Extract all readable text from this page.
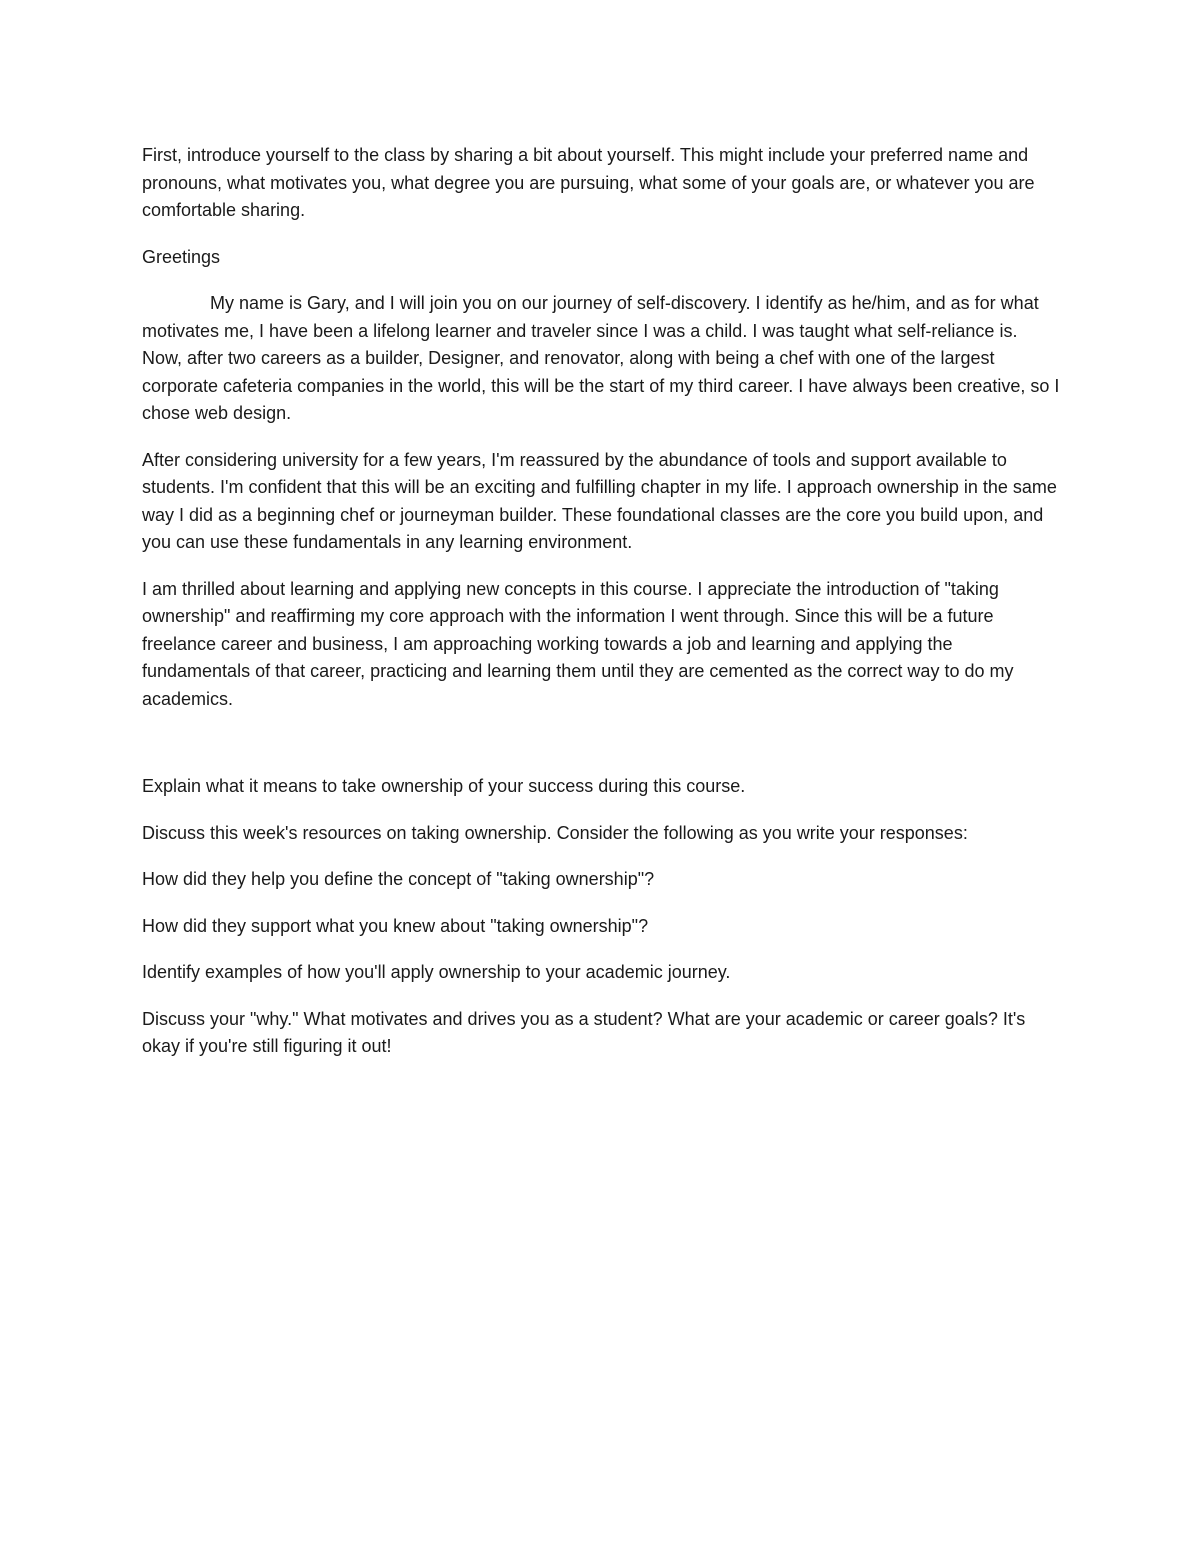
First, introduce yourself to the class by sharing a bit about yourself. This might include your preferred name and pronouns, what motivates you, what degree you are pursuing, what some of your goals are, or whatever you are comfortable sharing.

Greetings

My name is Gary, and I will join you on our journey of self-discovery. I identify as he/him, and as for what motivates me, I have been a lifelong learner and traveler since I was a child. I was taught what self-reliance is. Now, after two careers as a builder, Designer, and renovator, along with being a chef with one of the largest corporate cafeteria companies in the world, this will be the start of my third career. I have always been creative, so I chose web design.

After considering university for a few years, I'm reassured by the abundance of tools and support available to students. I'm confident that this will be an exciting and fulfilling chapter in my life. I approach ownership in the same way I did as a beginning chef or journeyman builder. These foundational classes are the core you build upon, and you can use these fundamentals in any learning environment.

I am thrilled about learning and applying new concepts in this course. I appreciate the introduction of "taking ownership" and reaffirming my core approach with the information I went through. Since this will be a future freelance career and business, I am approaching working towards a job and learning and applying the fundamentals of that career, practicing and learning them until they are cemented as the correct way to do my academics.

Explain what it means to take ownership of your success during this course.

Discuss this week's resources on taking ownership. Consider the following as you write your responses:

How did they help you define the concept of "taking ownership"?

How did they support what you knew about "taking ownership"?

Identify examples of how you'll apply ownership to your academic journey.

Discuss your "why." What motivates and drives you as a student? What are your academic or career goals? It's okay if you're still figuring it out!
